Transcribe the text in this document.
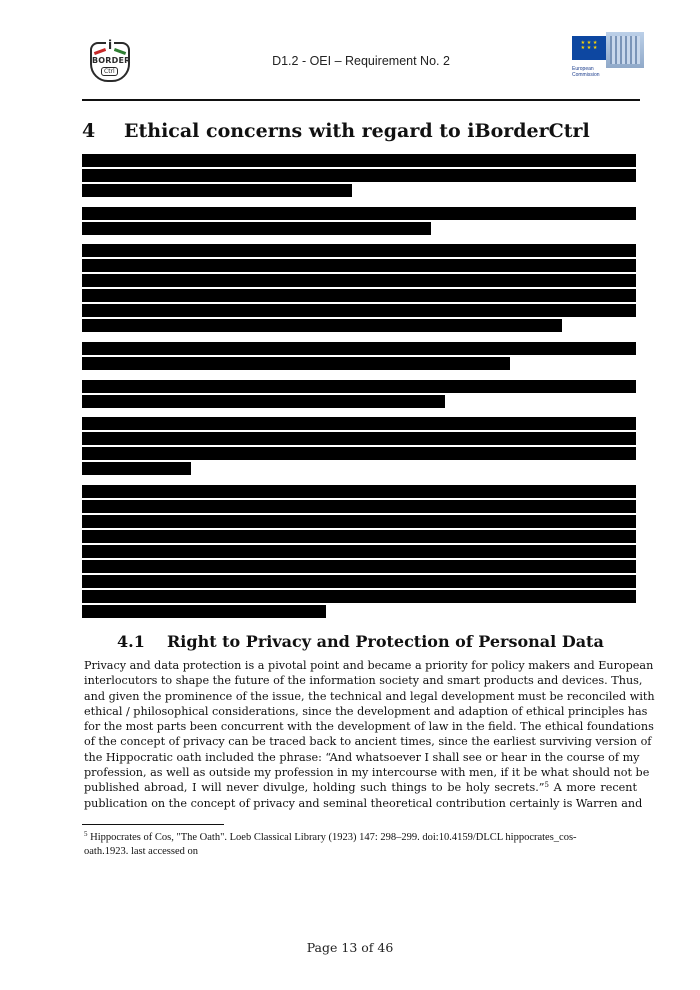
i
BORDER
Ctrl
D1.2 - OEI – Requirement No. 2
★ ★ ★ ★ ★ ★
European
Commission
4 Ethical concerns with regard to iBorderCtrl
4.1 Right to Privacy and Protection of Personal Data
Privacy and data protection is a pivotal point and became a priority for policy makers and European
interlocutors to shape the future of the information society and smart products and devices. Thus,
and given the prominence of the issue, the technical and legal development must be reconciled with
ethical / philosophical considerations, since the development and adaption of ethical principles has
for the most parts been concurrent with the development of law in the field. The ethical foundations
of the concept of privacy can be traced back to ancient times, since the earliest surviving version of
the Hippocratic oath included the phrase: “And whatsoever I shall see or hear in the course of my
profession, as well as outside my profession in my intercourse with men, if it be what should not be
published abroad, I will never divulge, holding such things to be holy secrets.”$^5$ A more recent
publication on the concept of privacy and seminal theoretical contribution certainly is Warren and
$^5$ Hippocrates of Cos, "The Oath". Loeb Classical Library (1923) 147: 298–299. doi:10.4159/DLCL hippocrates_cos-
oath.1923. last accessed on
Page 13 of 46
